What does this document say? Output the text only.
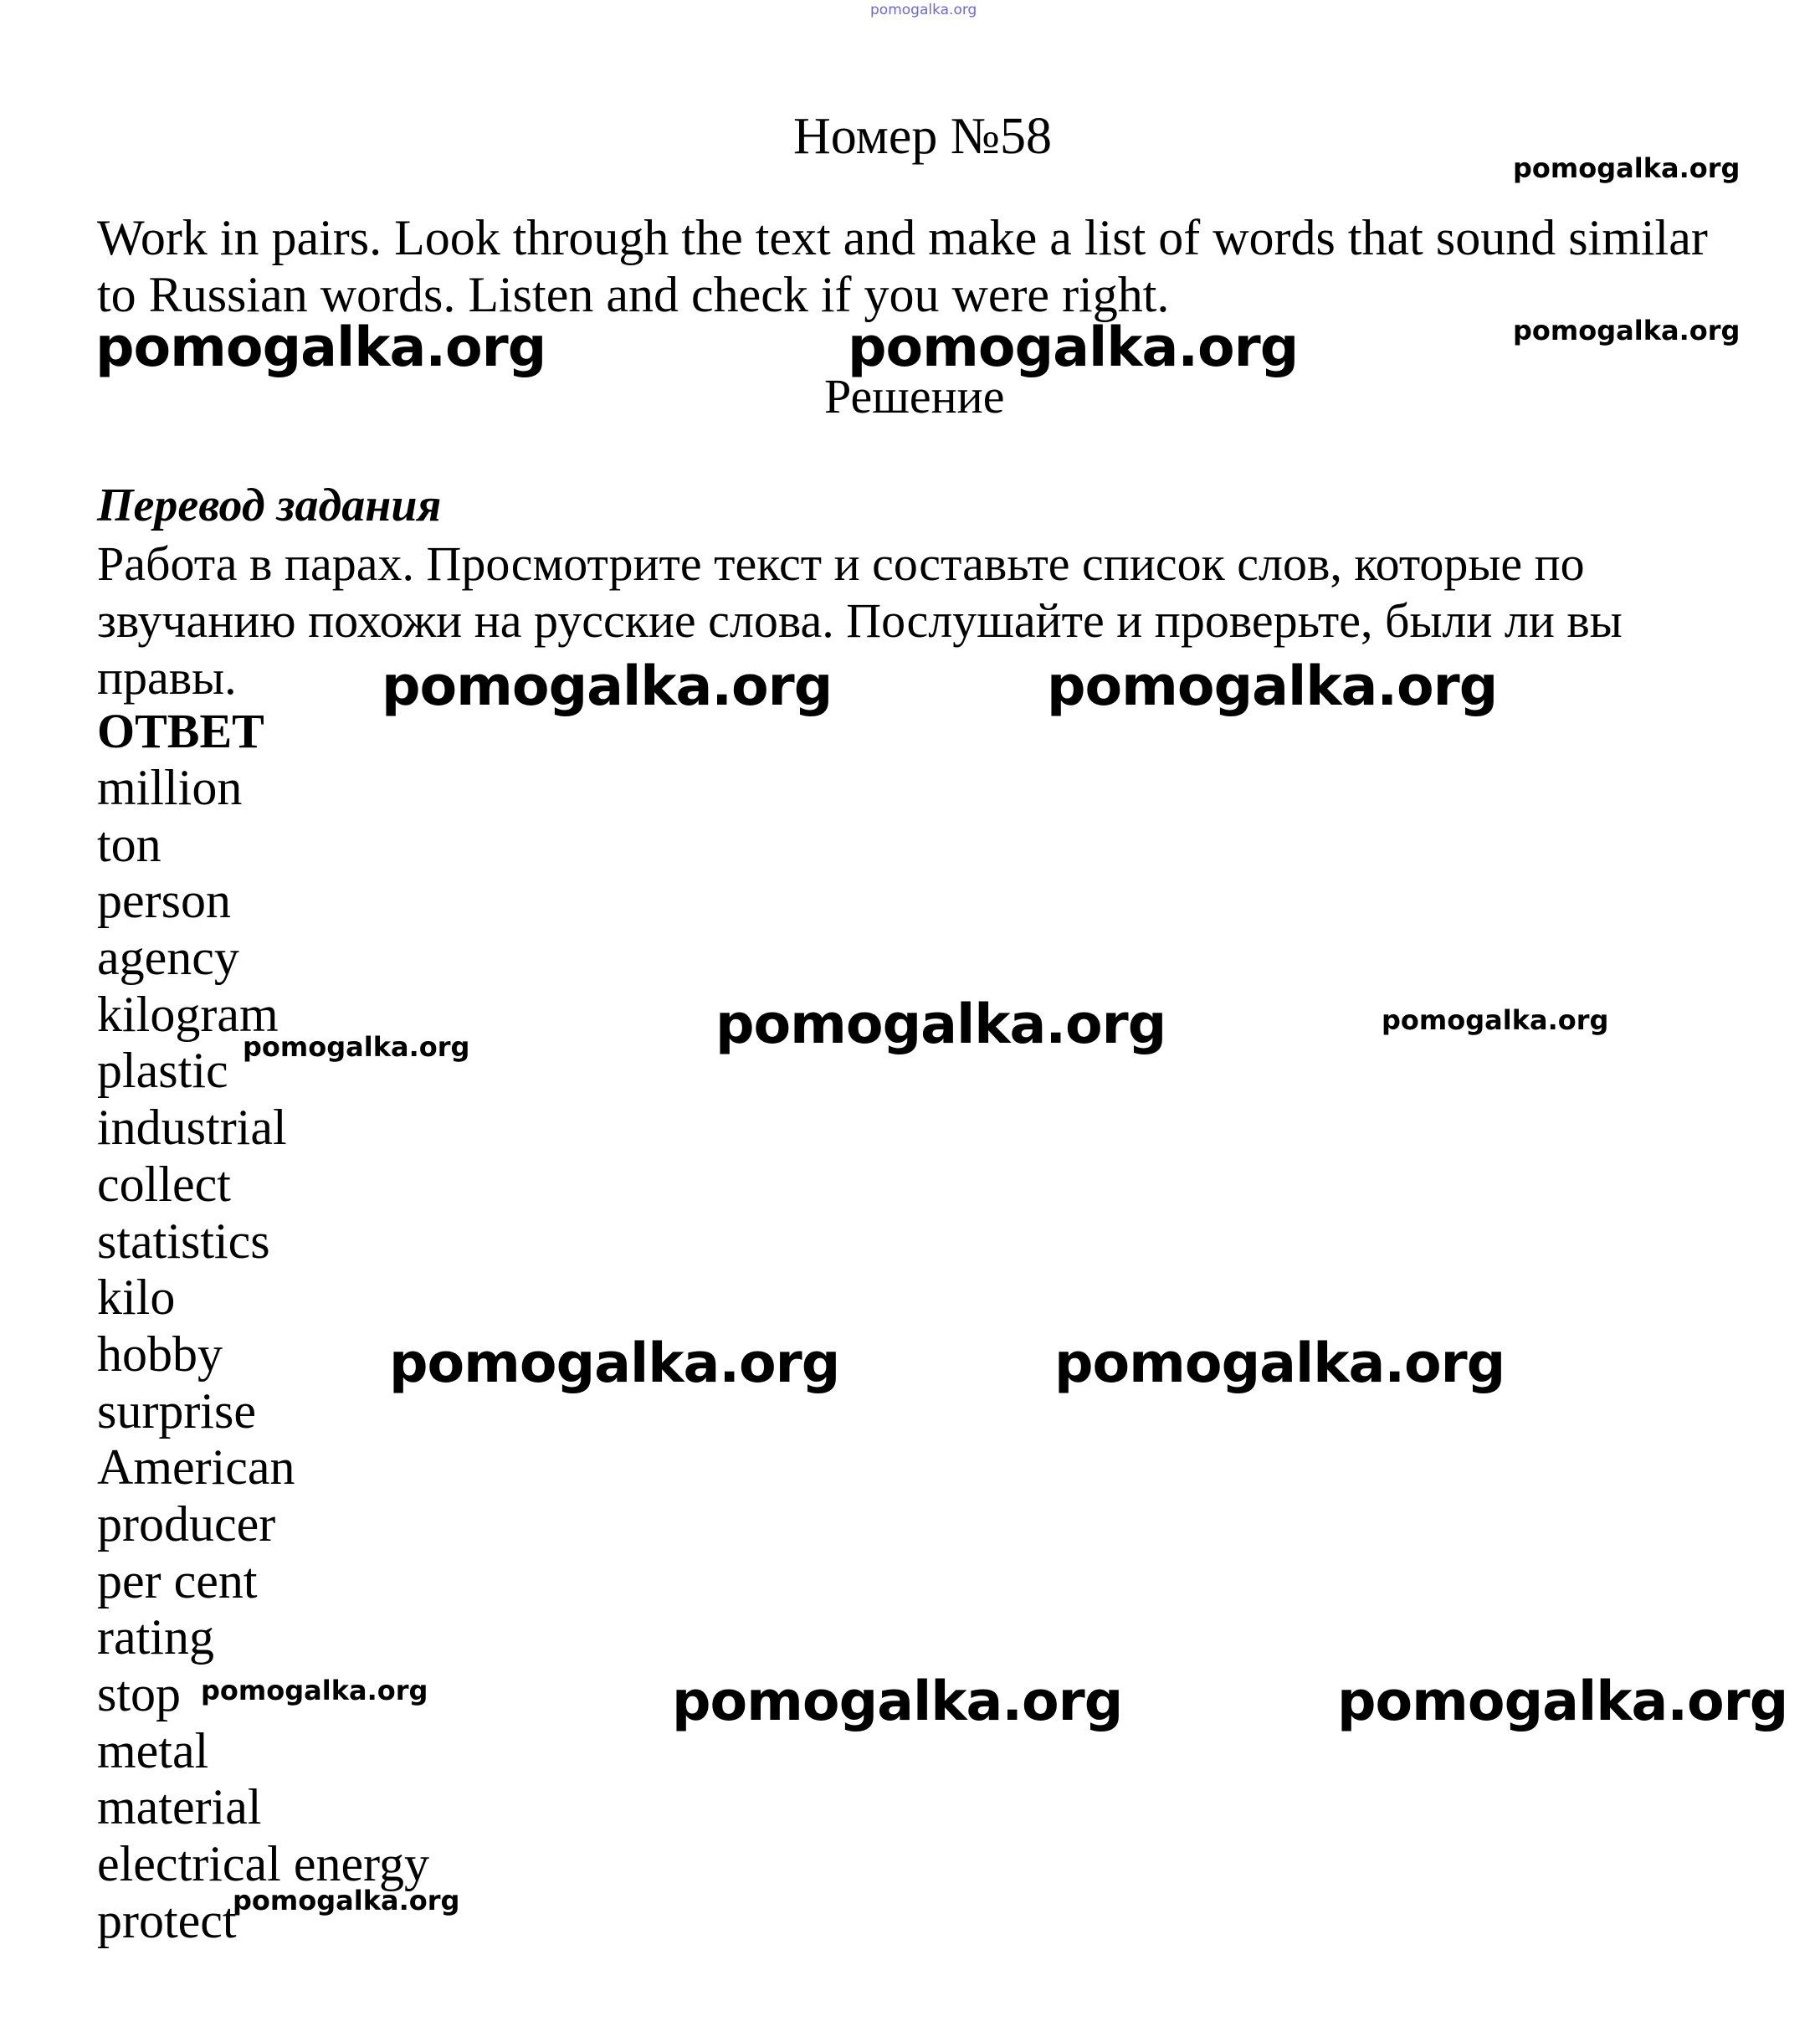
pomogalka.org
Номер №58

Work in pairs. Look through the text and make a list of words that sound similar

to Russian words. Listen and check if you were right.

Решение

Перевод задания

Работа в парах. Просмотрите текст и составьте список слов, которые по

звучанию похожи на русские слова. Послушайте и проверьте, были ли вы

правы.

ОТВЕТ

million
ton
person
agency
kilogram
plastic
industrial
collect
statistics
kilo
hobby
surprise
American
producer
per cent
rating
stop
metal
material
electrical energy
protect
pomogalka.org
pomogalka.org
pomogalka.org	pomogalka.org
pomogalka.org	pomogalka.org
pomogalka.org	pomogalka.org	pomogalka.org
pomogalka.org	pomogalka.org
pomogalka.org	pomogalka.org	pomogalka.org
pomogalka.org
